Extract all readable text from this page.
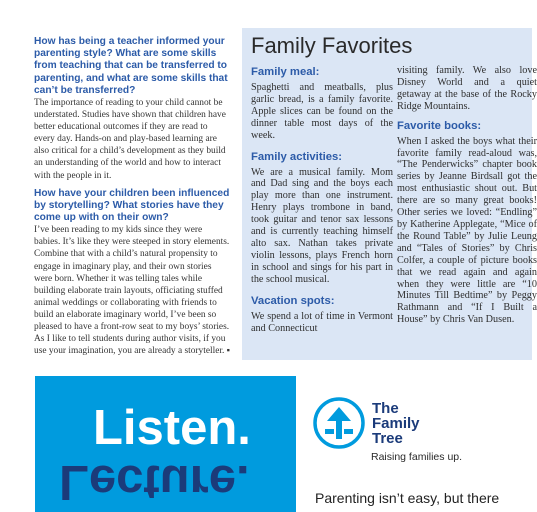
How has being a teacher informed your parenting style? What are some skills from teaching that can be transferred to parenting, and what are some skills that can’t be transferred?

The importance of reading to your child cannot be understated. Studies have shown that children have better educational outcomes if they are read to every day. Hands-on and play-based learning are also critical for a child’s development as they build an understanding of the world and how to interact with the people in it.

How have your children been influenced by storytelling? What stories have they come up with on their own?

I’ve been reading to my kids since they were babies. It’s like they were steeped in story elements. Combine that with a child’s natural propensity to engage in imaginary play, and their own stories were born. Whether it was telling tales while building elaborate train layouts, officiating stuffed animal weddings or collaborating with friends to build an elaborate imaginary world, I’ve been so pleased to have a front-row seat to my boys’ stories. As I like to tell students during author visits, if you use your imagination, you are already a storyteller. ▪

Family Favorites

Family meal:

Spaghetti and meatballs, plus garlic bread, is a family favorite. Apple slices can be found on the dinner table most days of the week.

Family activities:

We are a musical family. Mom and Dad sing and the boys each play more than one instrument. Henry plays trombone in band, took guitar and tenor sax lessons and is currently teaching himself alto sax. Nathan takes private violin lessons, plays French horn in school and sings for his part in the school musical.

Vacation spots:

We spend a lot of time in Vermont and Connecticut

visiting family. We also love Disney World and a quiet getaway at the base of the Rocky Ridge Mountains.

Favorite books:

When I asked the boys what their favorite family read-aloud was, “The Penderwicks” chapter book series by Jeanne Birdsall got the most enthusiastic shout out. But there are so many great books! Other series we loved: “Endling” by Katherine Applegate, “Mice of the Round Table” by Julie Leung and “Tales of Stories” by Chris Colfer, a couple of picture books that we read again and again when they were little are “10 Minutes Till Bedtime” by Peggy Rathmann and “If I Built a House” by Chris Van Dusen.

Listen.

Lecture.

The
Family
Tree

Raising families up.

Parenting isn’t easy, but there
